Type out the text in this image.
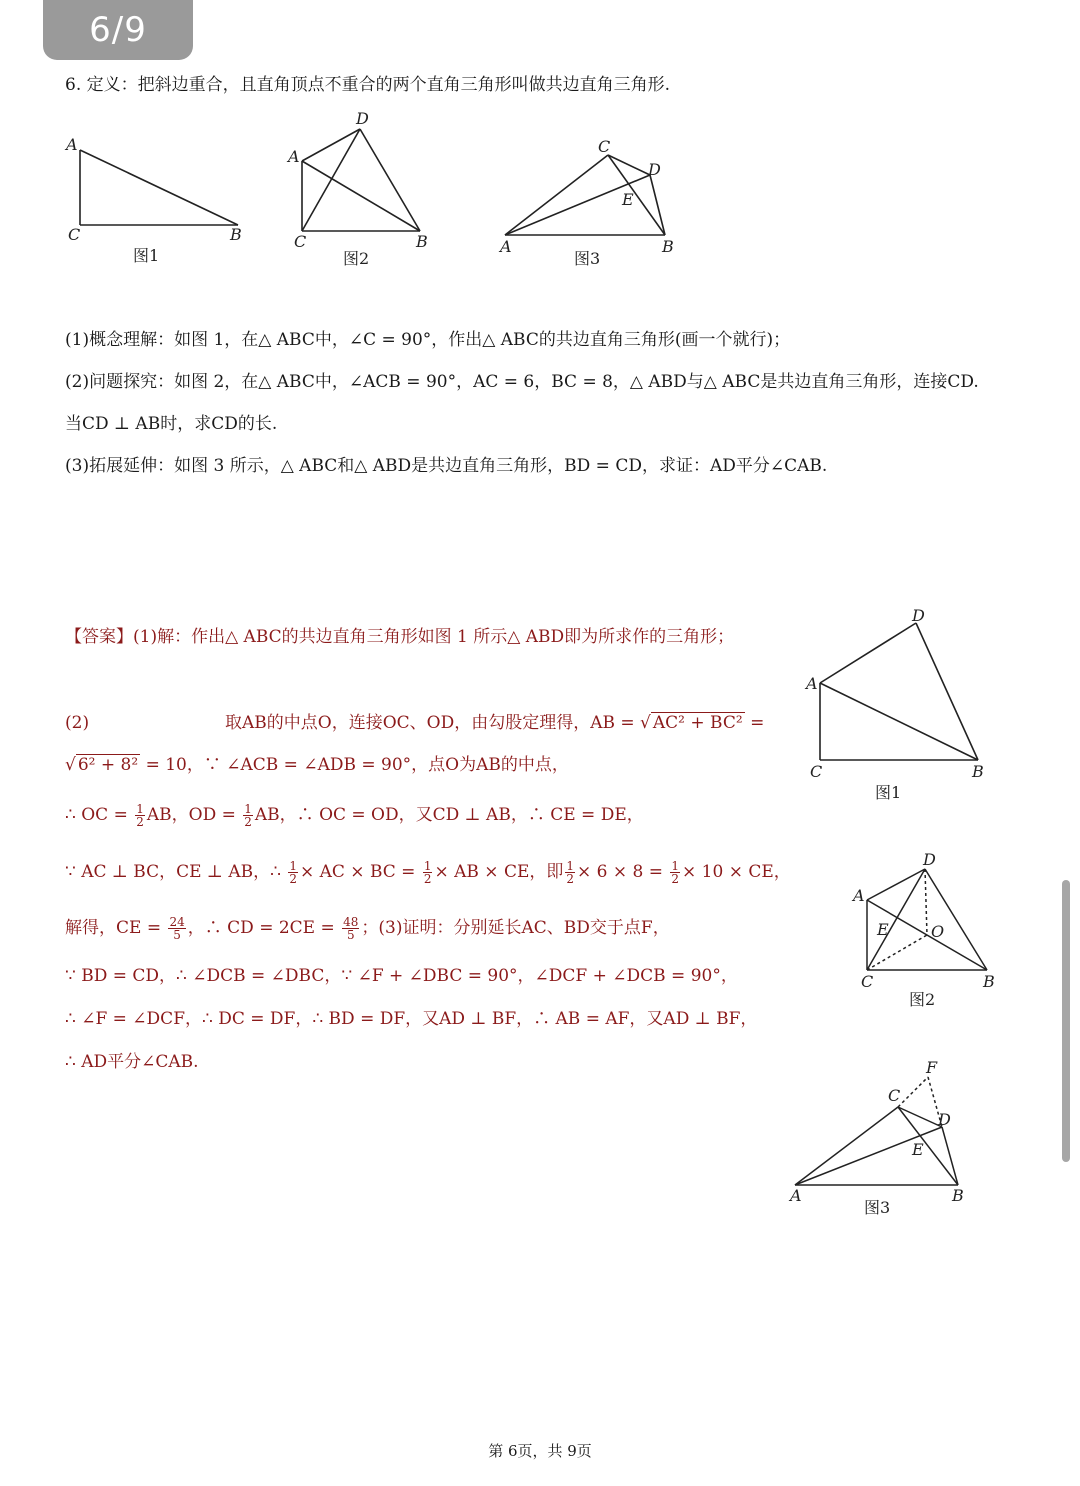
6/9
6. 定义：把斜边重合，且直角顶点不重合的两个直角三角形叫做共边直角三角形.
A
C	B
图1
A
D
C	B
图2
A
C
D
E
B
图3
(1)概念理解：如图 1，在△ ABC中，∠C = 90°，作出△ ABC的共边直角三角形(画一个就行)；
(2)问题探究：如图 2，在△ ABC中，∠ACB = 90°，AC = 6，BC = 8，△ ABD与△ ABC是共边直角三角形，连接CD.
当CD ⊥ AB时，求CD的长.
(3)拓展延伸：如图 3 所示，△ ABC和△ ABD是共边直角三角形，BD = CD，求证：AD平分∠CAB.
【答案】(1)解：作出△ ABC的共边直角三角形如图 1 所示△ ABD即为所求作的三角形；
(2)	取AB的中点O，连接OC、OD，由勾股定理得，AB = √ AC² + BC² =
√ 6² + 8² = 10，∵ ∠ACB = ∠ADB = 90°，点O为AB的中点，
∴ OC = $\frac{1}{2}$ AB，OD = $\frac{1}{2}$ AB，∴ OC = OD，又CD ⊥ AB，∴ CE = DE，
∵ AC ⊥ BC，CE ⊥ AB，∴ $\frac{1}{2}$ × AC × BC = $\frac{1}{2}$ × AB × CE，即 $\frac{1}{2} \times 6 \times 8 = \frac{1}{2} \times 10$ × CE，
解得，CE = $\frac{24}{5}$ ，∴ CD = $2CE = \frac{48}{5}$ ；(3)证明：分别延长AC、BD交于点F，
∵ BD = CD，∴ ∠DCB = ∠DBC，∵ ∠F + ∠DBC = 90°，∠DCF + ∠DCB = 90°，
∴ ∠F = ∠DCF，∴ DC = DF，∴ BD = DF，又AD ⊥ BF，∴ AB = AF，又AD ⊥ BF，
∴ AD平分∠CAB.
A
D
C	B
图1
A
D
E	O
C	B
图2
F
C
D
E
A	B
图3
第 6页，共 9页
